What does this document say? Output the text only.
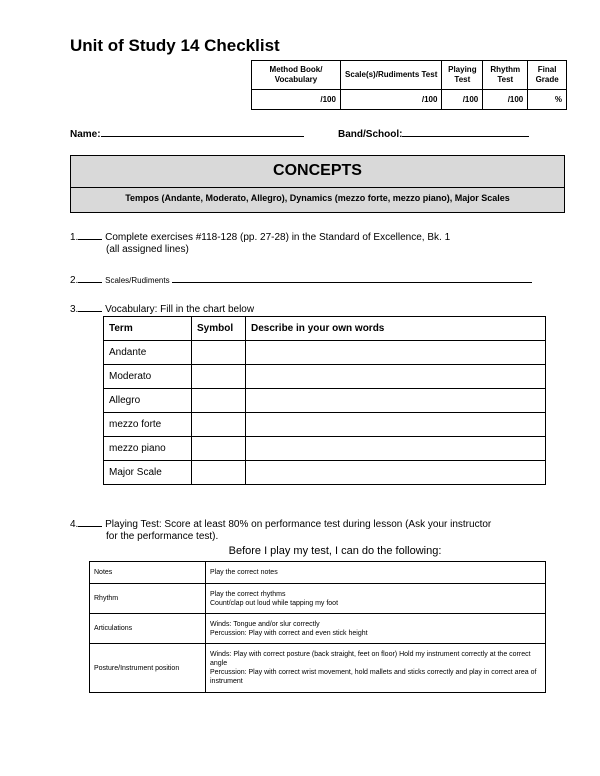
Unit of Study 14 Checklist
Method Book/ Vocabulary	Scale(s)/Rudiments Test	Playing Test	Rhythm Test	Final Grade
/100	/100	/100	/100	%
Name:	Band/School:
CONCEPTS
Tempos (Andante, Moderato, Allegro), Dynamics (mezzo forte, mezzo piano), Major Scales
1.	Complete exercises #118-128 (pp. 27-28) in the Standard of Excellence, Bk. 1
(all assigned lines)
2.	Scales/Rudiments
3.	Vocabulary: Fill in the chart below
Term	Symbol	Describe in your own words
Andante		
Moderato		
Allegro		
mezzo forte		
mezzo piano		
Major Scale		
4.	Playing Test: Score at least 80% on performance test during lesson (Ask your instructor
for the performance test).
Before I play my test, I can do the following:
Notes	Play the correct notes

Rhythm	Play the correct rhythms
Count/clap out loud while tapping my foot

Articulations	Winds: Tongue and/or slur correctly
Percussion: Play with correct and even stick height

Posture/Instrument position	Winds: Play with correct posture (back straight, feet on floor) Hold my instrument correctly at the correct angle
Percussion: Play with correct wrist movement, hold mallets and sticks correctly and play in correct area of instrument
